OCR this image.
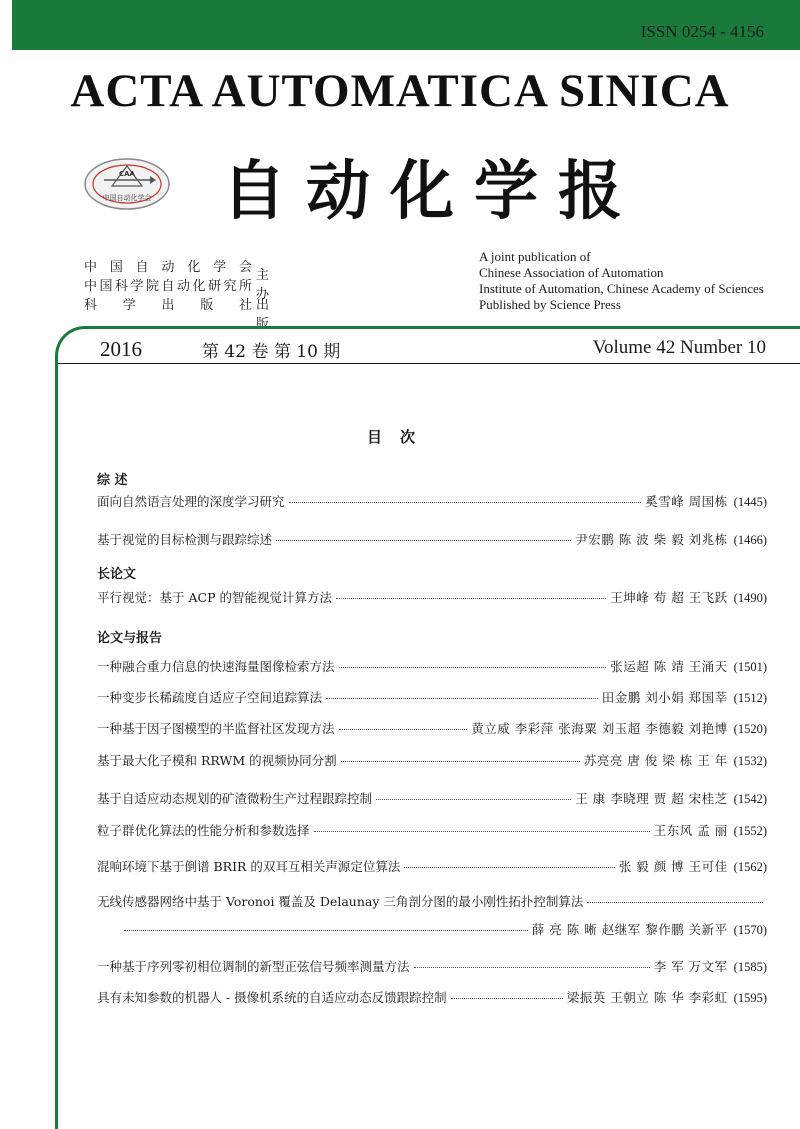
ISSN 0254 - 4156
ACTA AUTOMATICA SINICA
中国自动化学会
CAA 自动化学报
中国自动化学会
中国科学院自动化研究所
科学出版社
主办
出版
A joint publication of
Chinese Association of Automation
Institute of Automation, Chinese Academy of Sciences
Published by Science Press
2016	第 42 卷 第 10 期	Volume 42 Number 10
目次
综 述
面向自然语言处理的深度学习研究	奚雪峰 周国栋 (1445)
基于视觉的目标检测与跟踪综述	尹宏鹏 陈 波 柴 毅 刘兆栋 (1466)
长论文
平行视觉：基于 ACP 的智能视觉计算方法	王坤峰 苟 超 王飞跃 (1490)
论文与报告
一种融合重力信息的快速海量图像检索方法	张运超 陈 靖 王涌天 (1501)
一种变步长稀疏度自适应子空间追踪算法	田金鹏 刘小娟 郑国莘 (1512)
一种基于因子图模型的半监督社区发现方法	黄立威 李彩萍 张海粟 刘玉超 李德毅 刘艳博 (1520)
基于最大化子模和 RRWM 的视频协同分割	苏亮亮 唐 俊 梁 栋 王 年 (1532)
基于自适应动态规划的矿渣微粉生产过程跟踪控制	王 康 李晓理 贾 超 宋桂芝 (1542)
粒子群优化算法的性能分析和参数选择	王东风 孟 丽 (1552)
混响环境下基于倒谱 BRIR 的双耳互相关声源定位算法	张 毅 颜 博 王可佳 (1562)
无线传感器网络中基于 Voronoi 覆盖及 Delaunay 三角剖分图的最小刚性拓扑控制算法
薛 亮 陈 晰 赵继军 黎作鹏 关新平 (1570)
一种基于序列零初相位调制的新型正弦信号频率测量方法	李 军 万文军 (1585)
具有未知参数的机器人 - 摄像机系统的自适应动态反馈跟踪控制	梁振英 王朝立 陈 华 李彩虹 (1595)
